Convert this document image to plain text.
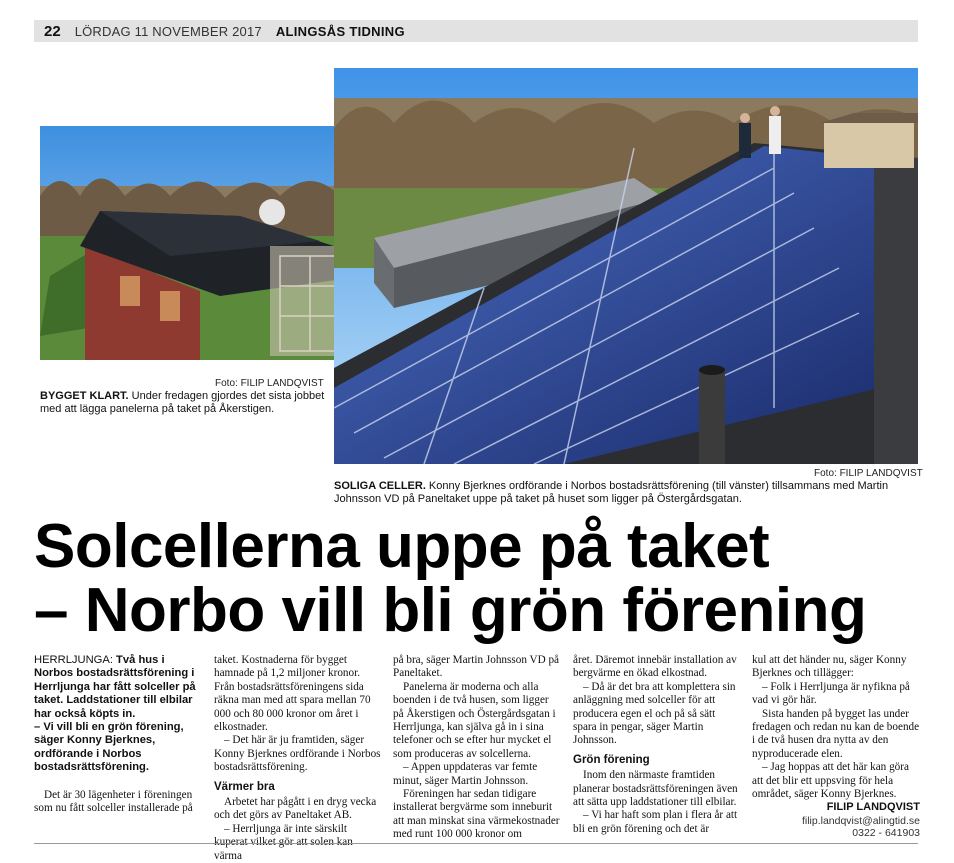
22 LÖRDAG 11 NOVEMBER 2017 ALINGSÅS TIDNING
Foto: FILIP LANDQVIST
BYGGET KLART. Under fredagen gjordes det sista jobbet med att lägga panelerna på taket på Åkerstigen.
Foto: FILIP LANDQVIST
SOLIGA CELLER. Konny Bjerknes ordförande i Norbos bostadsrättsförening (till vänster) tillsammans med Martin Johnsson VD på Paneltaket uppe på taket på huset som ligger på Östergårdsgatan.
Solcellerna uppe på taket
– Norbo vill bli grön förening

HERRLJUNGA: Två hus i Norbos bostadsrättsförening i Herrljunga har fått solceller på taket. Laddstationer till elbilar har också köpts in.

– Vi vill bli en grön förening, säger Konny Bjerknes, ordförande i Norbos bostadsrättsförening.

Det är 30 lägenheter i föreningen som nu fått solceller installerade på

taket. Kostnaderna för bygget hamnade på 1,2 miljoner kronor. Från bostadsrättsföreningens sida räkna man med att spara mellan 70 000 och 80 000 kronor om året i elkostnader.

– Det här är ju framtiden, säger Konny Bjerknes ordförande i Norbos bostadsrättsförening.

Värmer bra

Arbetet har pågått i en dryg vecka och det görs av Paneltaket AB.

– Herrljunga är inte särskilt värma

på bra, säger Martin Johnsson VD på Paneltaket.

Panelerna är moderna och alla boenden i de två husen, som ligger på Åkerstigen och Östergårdsgatan i Herrljunga, kan själva gå in i sina telefoner och se efter hur mycket el som produceras av solcellerna.

– Appen uppdateras var femte minut, säger Martin Johnsson.

Föreningen har sedan tidigare installerat bergvärme som inneburit att man minskat sina värmekostnader med runt 100 000 kronor om

året. Däremot innebär installation av bergvärme en ökad elkostnad.

– Då är det bra att komplettera sin anläggning med solceller för att producera egen el och på så sätt spara in pengar, säger Martin Johnsson.

Grön förening

Inom den närmaste framtiden planerar bostadsrättsföreningen även att sätta upp laddstationer till elbilar.

– Vi har haft som plan i flera år att bli en grön förening och det är

kul att det händer nu, säger Konny Bjerknes och tillägger:

– Folk i Herrljunga är nyfikna på vad vi gör här.

Sista handen på bygget las under fredagen och redan nu kan de boende i de två husen dra nytta av den nyproducerade elen.

– Jag hoppas att det här kan göra att det blir ett uppsving för hela området, säger Konny Bjerknes.

FILIP LANDQVIST

filip.landqvist@alingtid.se

0322 - 641903
